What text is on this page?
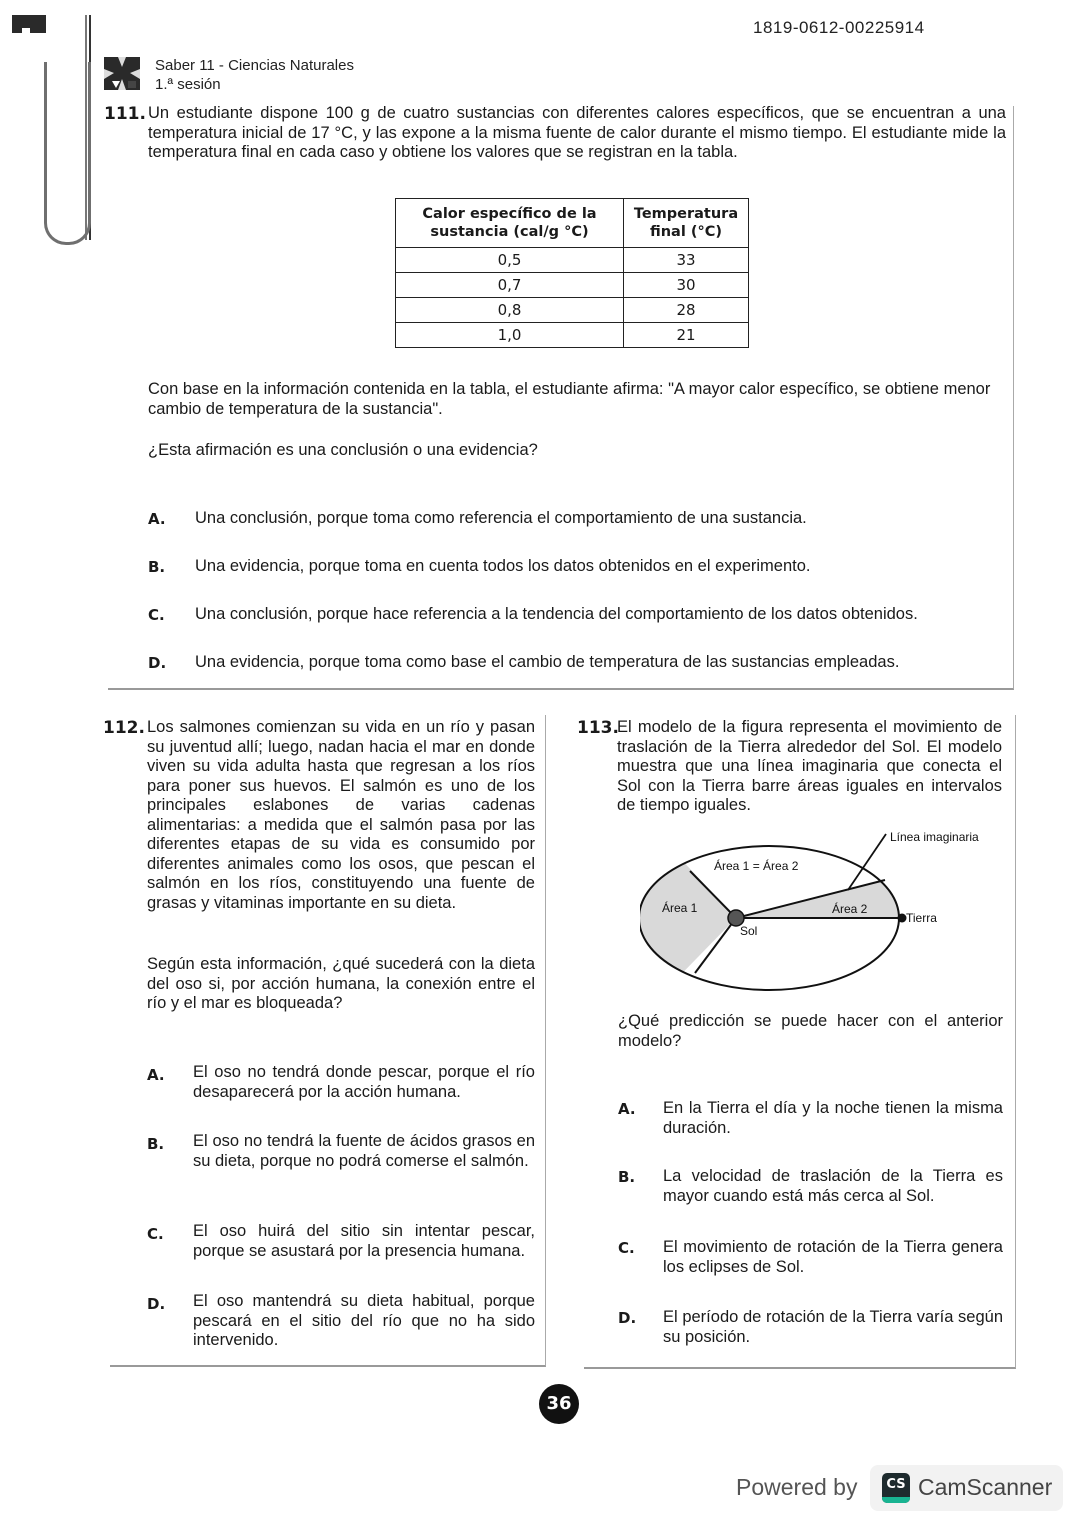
1819-0612-00225914
Saber 11 - Ciencias Naturales
1.ª sesión
111. Un estudiante dispone 100 g de cuatro sustancias con diferentes calores específicos, que se encuentran a una temperatura inicial de 17 °C, y las expone a la misma fuente de calor durante el mismo tiempo. El estudiante mide la temperatura final en cada caso y obtiene los valores que se registran en la tabla.
Calor específico de la sustancia (cal/g °C)	Temperatura final (°C)
0,5	33
0,7	30
0,8	28
1,0	21
Con base en la información contenida en la tabla, el estudiante afirma: "A mayor calor específico, se obtiene menor cambio de temperatura de la sustancia".
¿Esta afirmación es una conclusión o una evidencia?
A. Una conclusión, porque toma como referencia el comportamiento de una sustancia.
B. Una evidencia, porque toma en cuenta todos los datos obtenidos en el experimento.
C. Una conclusión, porque hace referencia a la tendencia del comportamiento de los datos obtenidos.
D. Una evidencia, porque toma como base el cambio de temperatura de las sustancias empleadas.
112. Los salmones comienzan su vida en un río y pasan su juventud allí; luego, nadan hacia el mar en donde viven su vida adulta hasta que regresan a los ríos para poner sus huevos. El salmón es uno de los principales eslabones de varias cadenas alimentarias: a medida que el salmón pasa por las diferentes etapas de su vida es consumido por diferentes animales como los osos, que pescan el salmón en los ríos, constituyendo una fuente de grasas y vitaminas importante en su dieta.
Según esta información, ¿qué sucederá con la dieta del oso si, por acción humana, la conexión entre el río y el mar es bloqueada?
A. El oso no tendrá donde pescar, porque el río desaparecerá por la acción humana.
B. El oso no tendrá la fuente de ácidos grasos en su dieta, porque no podrá comerse el salmón.
C. El oso huirá del sitio sin intentar pescar, porque se asustará por la presencia humana.
D. El oso mantendrá su dieta habitual, porque pescará en el sitio del río que no ha sido intervenido.
113.
El modelo de la figura representa el movimiento de traslación de la Tierra alrededor del Sol. El modelo muestra que una línea imaginaria que conecta el Sol con la Tierra barre áreas iguales en intervalos de tiempo iguales.
Línea imaginaria
Área 1 = Área 2
Área 1	Área 2
Sol
Tierra
¿Qué predicción se puede hacer con el anterior modelo?
A. En la Tierra el día y la noche tienen la misma duración.
B. La velocidad de traslación de la Tierra es mayor cuando está más cerca al Sol.
C. El movimiento de rotación de la Tierra genera los eclipses de Sol.
D. El período de rotación de la Tierra varía según su posición.
36
Powered by	CS CamScanner
